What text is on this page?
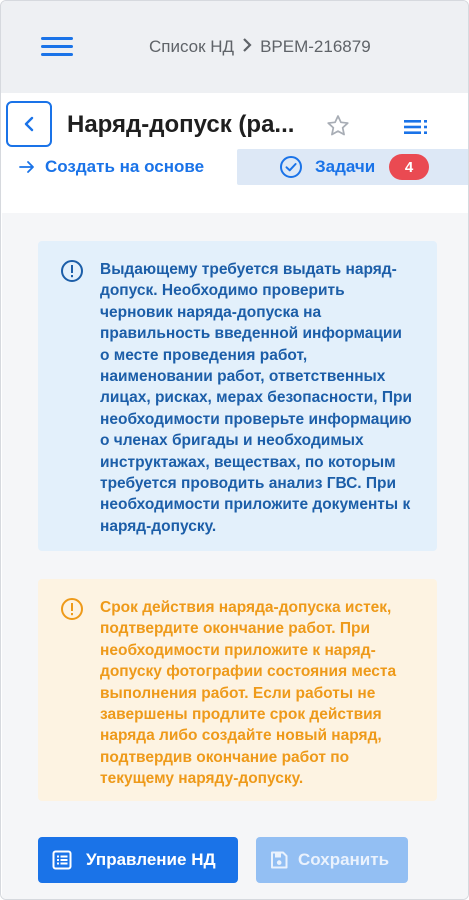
Список НД ВРЕМ-216879
Наряд-допуск (ра...
Создать на основе	Задачи	4

Выдающему требуется выдать наряд-допуск. Необходимо проверить черновик наряда-допуска на правильность введенной информации о месте проведения работ, наименовании работ, ответственных лицах, рисках, мерах безопасности, При необходимости проверьте информацию о членах бригады и необходимых инструктажах, веществах, по которым требуется проводить анализ ГВС. При необходимости приложите документы к наряд-допуску.

Срок действия наряда-допуска истек, подтвердите окончание работ. При необходимости приложите к наряд-допуску фотографии состояния места выполнения работ. Если работы не завершены продлите срок действия наряда либо создайте новый наряд, подтвердив окончание работ по текущему наряду-допуску.

Управление НД	Сохранить
